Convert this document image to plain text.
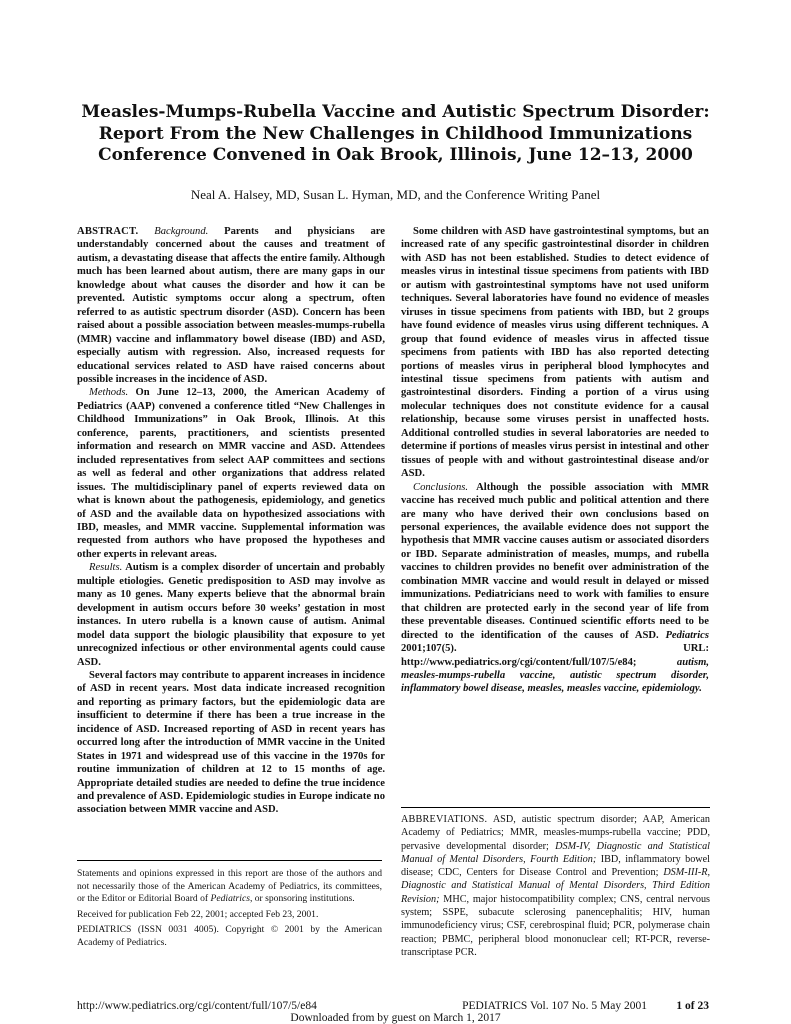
Measles-Mumps-Rubella Vaccine and Autistic Spectrum Disorder: Report From the New Challenges in Childhood Immunizations Conference Convened in Oak Brook, Illinois, June 12–13, 2000

Neal A. Halsey, MD, Susan L. Hyman, MD, and the Conference Writing Panel

ABSTRACT. Background. Parents and physicians are understandably concerned about the causes and treatment of autism, a devastating disease that affects the entire family. Although much has been learned about autism, there are many gaps in our knowledge about what causes the disorder and how it can be prevented. Autistic symptoms occur along a spectrum, often referred to as autistic spectrum disorder (ASD). Concern has been raised about a possible association between measles-mumps-rubella (MMR) vaccine and inflammatory bowel disease (IBD) and ASD, especially autism with regression. Also, increased requests for educational services related to ASD have raised concerns about possible increases in the incidence of ASD.

Methods. On June 12–13, 2000, the American Academy of Pediatrics (AAP) convened a conference titled “New Challenges in Childhood Immunizations” in Oak Brook, Illinois. At this conference, parents, practitioners, and scientists presented information and research on MMR vaccine and ASD. Attendees included representatives from select AAP committees and sections as well as federal and other organizations that address related issues. The multidisciplinary panel of experts reviewed data on what is known about the pathogenesis, epidemiology, and genetics of ASD and the available data on hypothesized associations with IBD, measles, and MMR vaccine. Supplemental information was requested from authors who have proposed the hypotheses and other experts in relevant areas.

Results. Autism is a complex disorder of uncertain and probably multiple etiologies. Genetic predisposition to ASD may involve as many as 10 genes. Many experts believe that the abnormal brain development in autism occurs before 30 weeks’ gestation in most instances. In utero rubella is a known cause of autism. Animal model data support the biologic plausibility that exposure to yet unrecognized infectious or other environmental agents could cause ASD.

Several factors may contribute to apparent increases in incidence of ASD in recent years. Most data indicate increased recognition and reporting as primary factors, but the epidemiologic data are insufficient to determine if there has been a true increase in the incidence of ASD. Increased reporting of ASD in recent years has occurred long after the introduction of MMR vaccine in the United States in 1971 and widespread use of this vaccine in the 1970s for routine immunization of children at 12 to 15 months of age. Appropriate detailed studies are needed to define the true incidence and prevalence of ASD. Epidemiologic studies in Europe indicate no association between MMR vaccine and ASD.

Some children with ASD have gastrointestinal symptoms, but an increased rate of any specific gastrointestinal disorder in children with ASD has not been established. Studies to detect evidence of measles virus in intestinal tissue specimens from patients with IBD or autism with gastrointestinal symptoms have not used uniform techniques. Several laboratories have found no evidence of measles viruses in tissue specimens from patients with IBD, but 2 groups have found evidence of measles virus using different techniques. A group that found evidence of measles virus in affected tissue specimens from patients with IBD has also reported detecting portions of measles virus in peripheral blood lymphocytes and intestinal tissue specimens from patients with autism and gastrointestinal disorders. Finding a portion of a virus using molecular techniques does not constitute evidence for a causal relationship, because some viruses persist in unaffected hosts. Additional controlled studies in several laboratories are needed to determine if portions of measles virus persist in intestinal and other tissues of people with and without gastrointestinal disease and/or ASD.

Conclusions. Although the possible association with MMR vaccine has received much public and political attention and there are many who have derived their own conclusions based on personal experiences, the available evidence does not support the hypothesis that MMR vaccine causes autism or associated disorders or IBD. Separate administration of measles, mumps, and rubella vaccines to children provides no benefit over administration of the combination MMR vaccine and would result in delayed or missed immunizations. Pediatricians need to work with families to ensure that children are protected early in the second year of life from these preventable diseases. Continued scientific efforts need to be directed to the identification of the causes of ASD. Pediatrics 2001;107(5). URL: http://www.pediatrics.org/cgi/content/full/107/5/e84;	autism, measles-mumps-rubella vaccine, autistic spectrum disorder, inflammatory bowel disease, measles, measles vaccine, epidemiology.

ABBREVIATIONS. ASD, autistic spectrum disorder; AAP, American Academy of Pediatrics; MMR, measles-mumps-rubella vaccine; PDD, pervasive developmental disorder; DSM-IV, Diagnostic and Statistical Manual of Mental Disorders, Fourth Edition; IBD, inflammatory bowel disease; CDC, Centers for Disease Control and Prevention; DSM-III-R, Diagnostic and Statistical Manual of Mental Disorders, Third Edition Revision; MHC, major histocompatibility complex; CNS, central nervous system; SSPE, subacute sclerosing panencephalitis; HIV, human immunodeficiency virus; CSF, cerebrospinal fluid; PCR, polymerase chain reaction; PBMC, peripheral blood mononuclear cell; RT-PCR, reverse-transcriptase PCR.

Statements and opinions expressed in this report are those of the authors and not necessarily those of the American Academy of Pediatrics, its committees, or the Editor or Editorial Board of Pediatrics, or sponsoring institutions.

Received for publication Feb 22, 2001; accepted Feb 23, 2001.

PEDIATRICS (ISSN 0031 4005). Copyright © 2001 by the American Academy of Pediatrics.

http://www.pediatrics.org/cgi/content/full/107/5/e84	PEDIATRICS Vol. 107 No. 5 May 2001	1 of 23
Downloaded from by guest on March 1, 2017
